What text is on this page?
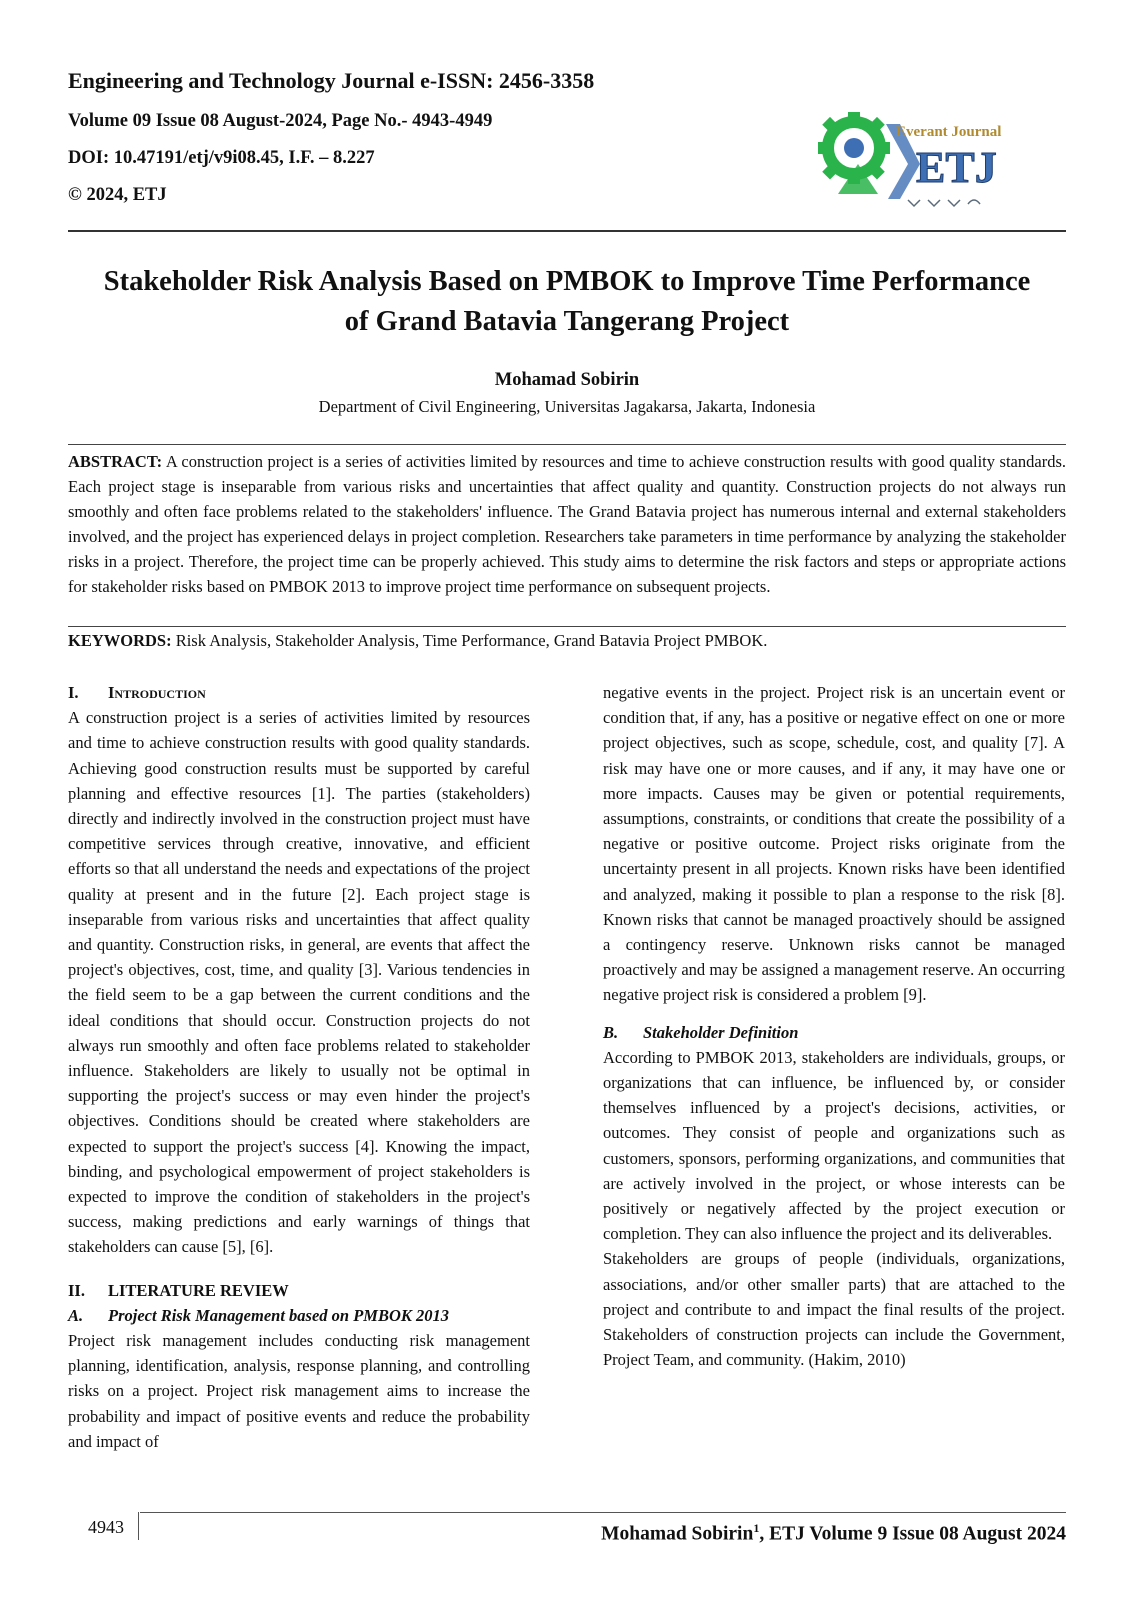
Engineering and Technology Journal e-ISSN: 2456-3358

Volume 09 Issue 08 August-2024, Page No.- 4943-4949

DOI: 10.47191/etj/v9i08.45, I.F. – 8.227

© 2024, ETJ

Everant Journal
ETJ
Stakeholder Risk Analysis Based on PMBOK to Improve Time Performance
of Grand Batavia Tangerang Project
Mohamad Sobirin
Department of Civil Engineering, Universitas Jagakarsa, Jakarta, Indonesia
ABSTRACT: A construction project is a series of activities limited by resources and time to achieve construction results with good quality standards. Each project stage is inseparable from various risks and uncertainties that affect quality and quantity. Construction projects do not always run smoothly and often face problems related to the stakeholders' influence. The Grand Batavia project has numerous internal and external stakeholders involved, and the project has experienced delays in project completion. Researchers take parameters in time performance by analyzing the stakeholder risks in a project. Therefore, the project time can be properly achieved. This study aims to determine the risk factors and steps or appropriate actions for stakeholder risks based on PMBOK 2013 to improve project time performance on subsequent projects.
KEYWORDS: Risk Analysis, Stakeholder Analysis, Time Performance, Grand Batavia Project PMBOK.

I. Introduction

A construction project is a series of activities limited by resources and time to achieve construction results with good quality standards. Achieving good construction results must be supported by careful planning and effective resources [1]. The parties (stakeholders) directly and indirectly involved in the construction project must have competitive services through creative, innovative, and efficient efforts so that all understand the needs and expectations of the project quality at present and in the future [2]. Each project stage is inseparable from various risks and uncertainties that affect quality and quantity. Construction risks, in general, are events that affect the project's objectives, cost, time, and quality [3]. Various tendencies in the field seem to be a gap between the current conditions and the ideal conditions that should occur. Construction projects do not always run smoothly and often face problems related to stakeholder influence. Stakeholders are likely to usually not be optimal in supporting the project's success or may even hinder the project's objectives. Conditions should be created where stakeholders are expected to support the project's success [4]. Knowing the impact, binding, and psychological empowerment of project stakeholders is expected to improve the condition of stakeholders in the project's success, making predictions and early warnings of things that stakeholders can cause [5], [6].

II. LITERATURE REVIEW

A. Project Risk Management based on PMBOK 2013

Project risk management includes conducting risk management planning, identification, analysis, response planning, and controlling risks on a project. Project risk management aims to increase the probability and impact of positive events and reduce the probability and impact of

negative events in the project. Project risk is an uncertain event or condition that, if any, has a positive or negative effect on one or more project objectives, such as scope, schedule, cost, and quality [7]. A risk may have one or more causes, and if any, it may have one or more impacts. Causes may be given or potential requirements, assumptions, constraints, or conditions that create the possibility of a negative or positive outcome. Project risks originate from the uncertainty present in all projects. Known risks have been identified and analyzed, making it possible to plan a response to the risk [8]. Known risks that cannot be managed proactively should be assigned a contingency reserve. Unknown risks cannot be managed proactively and may be assigned a management reserve. An occurring negative project risk is considered a problem [9].

B. Stakeholder Definition

According to PMBOK 2013, stakeholders are individuals, groups, or organizations that can influence, be influenced by, or consider themselves influenced by a project's decisions, activities, or outcomes. They consist of people and organizations such as customers, sponsors, performing organizations, and communities that are actively involved in the project, or whose interests can be positively or negatively affected by the project execution or completion. They can also influence the project and its deliverables.

Stakeholders are groups of people (individuals, organizations, associations, and/or other smaller parts) that are attached to the project and contribute to and impact the final results of the project. Stakeholders of construction projects can include the Government, Project Team, and community. (Hakim, 2010)

4943	Mohamad Sobirin$^1$, ETJ Volume 9 Issue 08 August 2024
